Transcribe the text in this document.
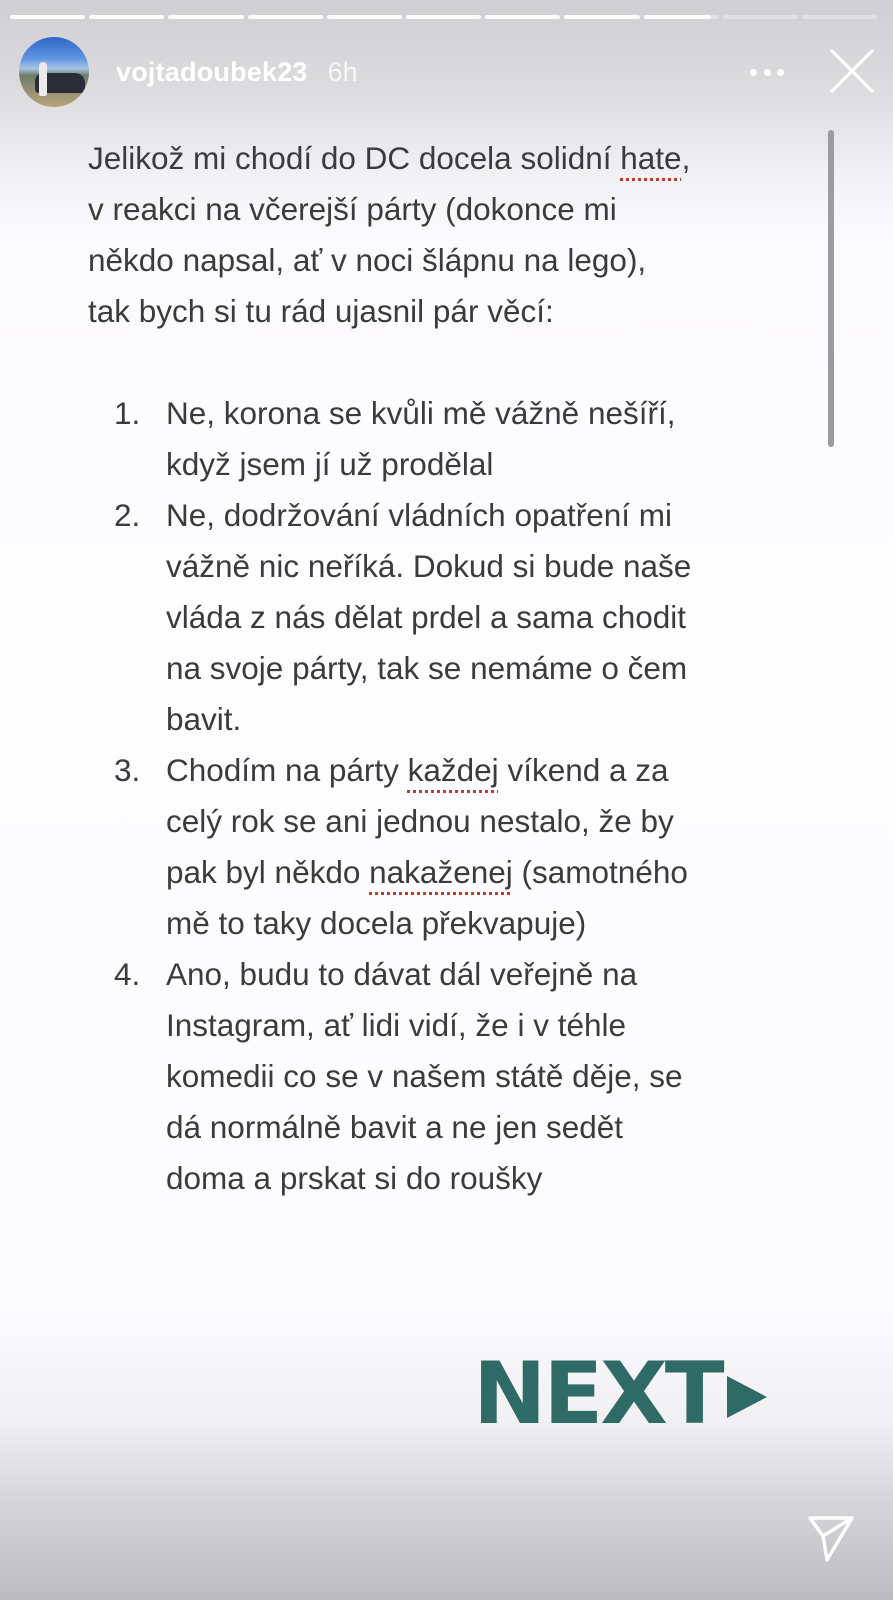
vojtadoubek23 6h
Jelikož mi chodí do DC docela solidní hate,
v reakci na včerejší párty (dokonce mi
někdo napsal, ať v noci šlápnu na lego),
tak bych si tu rád ujasnil pár věcí:
1. Ne, korona se kvůli mě vážně nešíří,
když jsem jí už prodělal
2. Ne, dodržování vládních opatření mi
vážně nic neříká. Dokud si bude naše
vláda z nás dělat prdel a sama chodit
na svoje párty, tak se nemáme o čem
bavit.
3. Chodím na párty každej víkend a za
celý rok se ani jednou nestalo, že by
pak byl někdo nakaženej (samotného
mě to taky docela překvapuje)
4. Ano, budu to dávat dál veřejně na
Instagram, ať lidi vidí, že i v téhle
komedii co se v našem státě děje, se
dá normálně bavit a ne jen sedět
doma a prskat si do roušky
NEXT
